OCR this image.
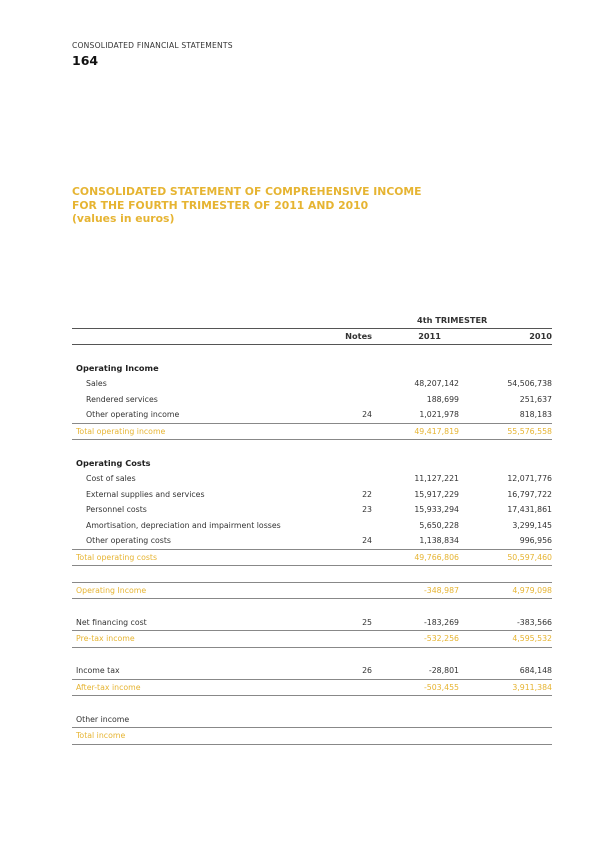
CONSOLIDATED FINANCIAL STATEMENTS
164
CONSOLIDATED STATEMENT OF COMPREHENSIVE INCOME
FOR THE FOURTH TRIMESTER OF 2011 AND 2010
(values in euros)
		4th TRIMESTER	
	Notes	2011	2010

Operating Income			
Sales		48,207,142	54,506,738
Rendered services		188,699	251,637
Other operating income	24	1,021,978	818,183
Total operating income		49,417,819	55,576,558

Operating Costs			
Cost of sales		11,127,221	12,071,776
External supplies and services	22	15,917,229	16,797,722
Personnel costs	23	15,933,294	17,431,861
Amortisation, depreciation and impairment losses		5,650,228	3,299,145
Other operating costs	24	1,138,834	996,956
Total operating costs		49,766,806	50,597,460

Operating Income		-348,987	4,979,098

Net financing cost	25	-183,269	-383,566
Pre-tax income		-532,256	4,595,532

Income tax	26	-28,801	684,148
After-tax income		-503,455	3,911,384

Other income			
Total income			
